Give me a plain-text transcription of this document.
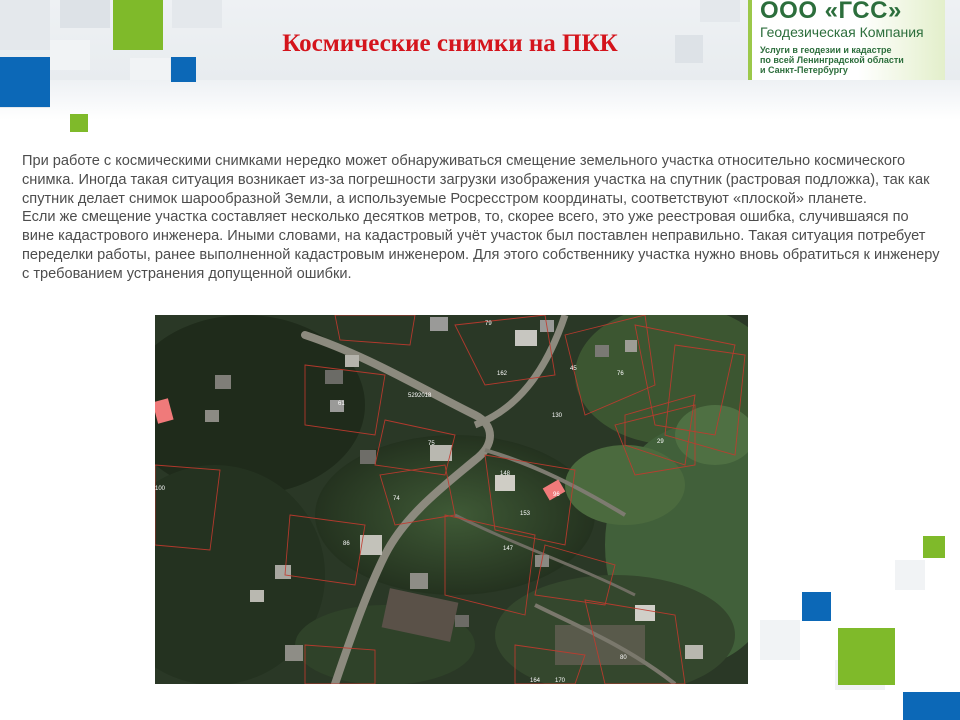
Космические снимки на ПКК
ООО «ГСС»
Геодезическая Компания
Услуги в геодезии и кадастре
по всей Ленинградской области
и Санкт-Петербургу

При работе с космическими снимками нередко может обнаруживаться смещение земельного участка относительно космического снимка. Иногда такая ситуация возникает из-за погрешности загрузки изображения участка на спутник (растровая подложка), так как спутник делает снимок шарообразной Земли, а используемые Росресстром координаты, соответствуют «плоской» планете.

Если же смещение участка составляет несколько десятков метров, то, скорее всего, это уже реестровая ошибка, случившаяся по вине кадастрового инженера. Иными словами, на кадастровый учёт участок был поставлен неправильно. Такая ситуация потребует переделки работы, ранее выполненной кадастровым инженером. Для этого собственнику участка нужно вновь обратиться к инженеру с требованием устранения допущенной ошибки.

79
45
162	76
61
5292018
130
75	29
148
74
153
86
147
100
80
164 170
96
